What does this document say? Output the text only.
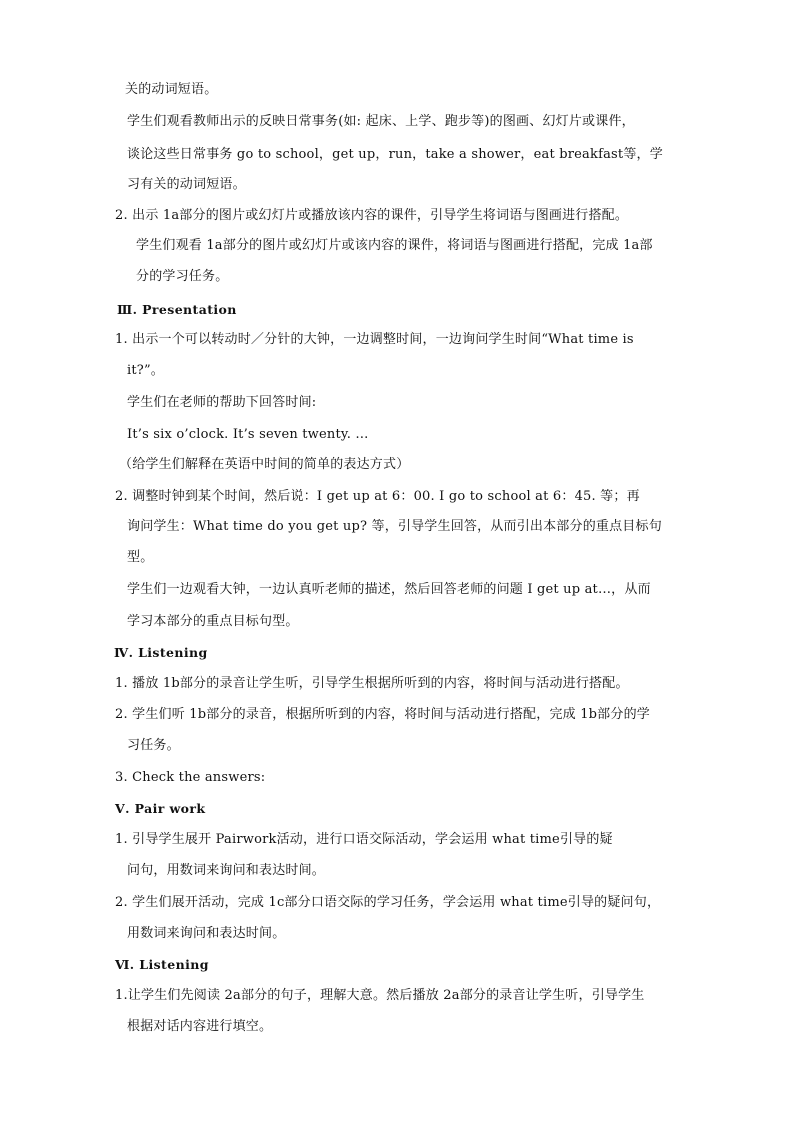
关的动词短语。
学生们观看教师出示的反映日常事务(如: 起床、上学、跑步等)的图画、幻灯片或课件，
谈论这些日常事务 go to school，get up，run，take a shower，eat breakfast等，学
习有关的动词短语。
2. 出示 1a部分的图片或幻灯片或播放该内容的课件，引导学生将词语与图画进行搭配。
学生们观看 1a部分的图片或幻灯片或该内容的课件，将词语与图画进行搭配，完成 1a部
分的学习任务。
Ⅲ. Presentation
1. 出示一个可以转动时／分针的大钟，一边调整时间，一边询问学生时间“What time is
it?”。
学生们在老师的帮助下回答时间:
It’s six o’clock. It’s seven twenty. …
（给学生们解释在英语中时间的简单的表达方式）
2. 调整时钟到某个时间，然后说：I get up at 6：00. I go to school at 6：45. 等；再
询问学生：What time do you get up? 等，引导学生回答，从而引出本部分的重点目标句
型。
学生们一边观看大钟，一边认真听老师的描述，然后回答老师的问题 I get up at…，从而
学习本部分的重点目标句型。
Ⅳ. Listening
1. 播放 1b部分的录音让学生听，引导学生根据所听到的内容，将时间与活动进行搭配。
2. 学生们听 1b部分的录音，根据所听到的内容，将时间与活动进行搭配，完成 1b部分的学
习任务。
3. Check the answers:
Ⅴ. Pair work
1. 引导学生展开 Pairwork活动，进行口语交际活动，学会运用 what time引导的疑
问句，用数词来询问和表达时间。
2. 学生们展开活动，完成 1c部分口语交际的学习任务，学会运用 what time引导的疑问句，
用数词来询问和表达时间。
Ⅵ. Listening
1.让学生们先阅读 2a部分的句子，理解大意。然后播放 2a部分的录音让学生听，引导学生
根据对话内容进行填空。
